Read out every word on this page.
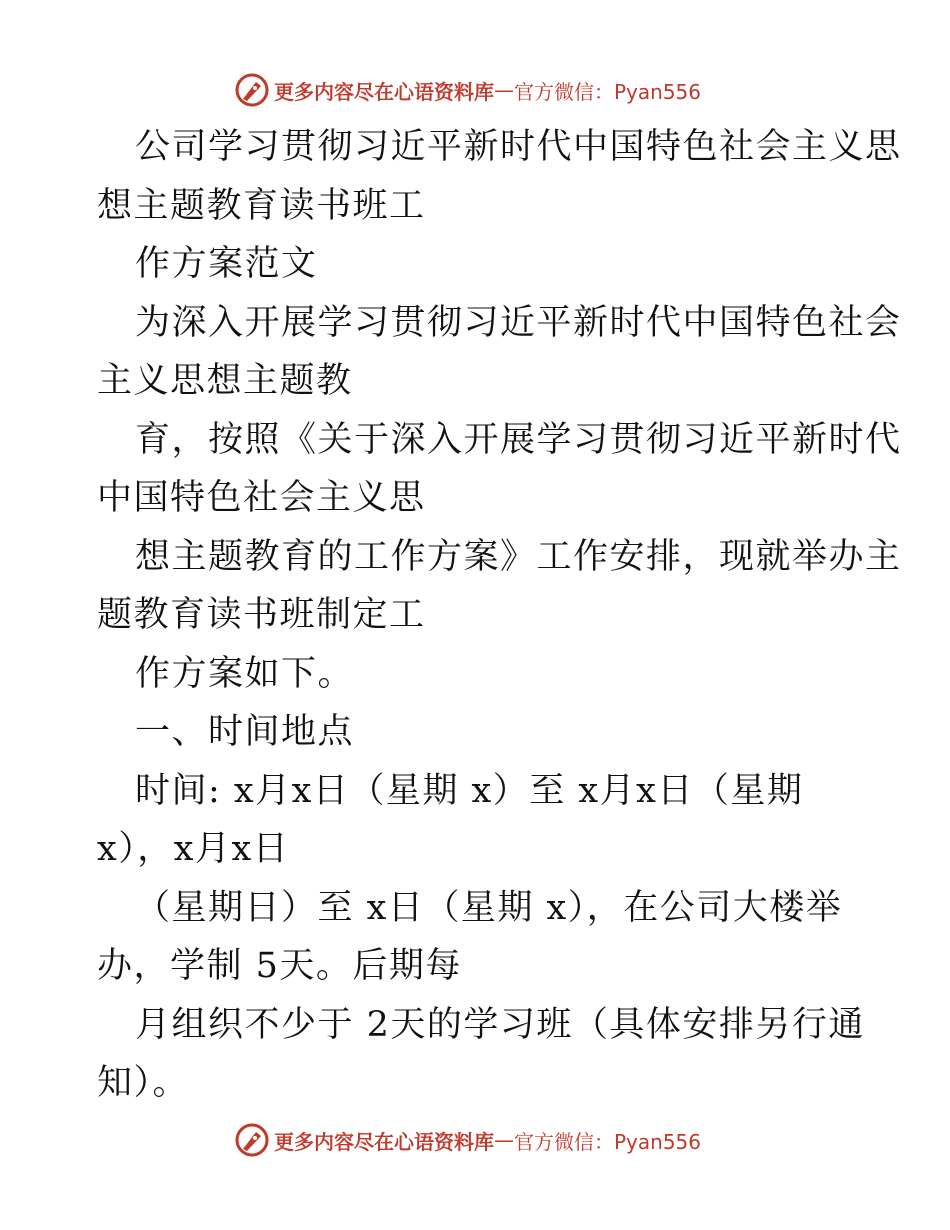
更多内容尽在心语资料库 — 官方微信：Pyan556
公司学习贯彻习近平新时代中国特色社会主义思
想主题教育读书班工
作方案范文
为深入开展学习贯彻习近平新时代中国特色社会
主义思想主题教
育，按照《关于深入开展学习贯彻习近平新时代
中国特色社会主义思
想主题教育的工作方案》工作安排，现就举办主
题教育读书班制定工
作方案如下。
一、时间地点
时间: x月x日（星期 x）至 x月x日（星期
x），x月x日
（星期日）至 x日（星期 x），在公司大楼举
办，学制 5天。后期每
月组织不少于 2天的学习班（具体安排另行通
知）。
更多内容尽在心语资料库 — 官方微信：Pyan556
